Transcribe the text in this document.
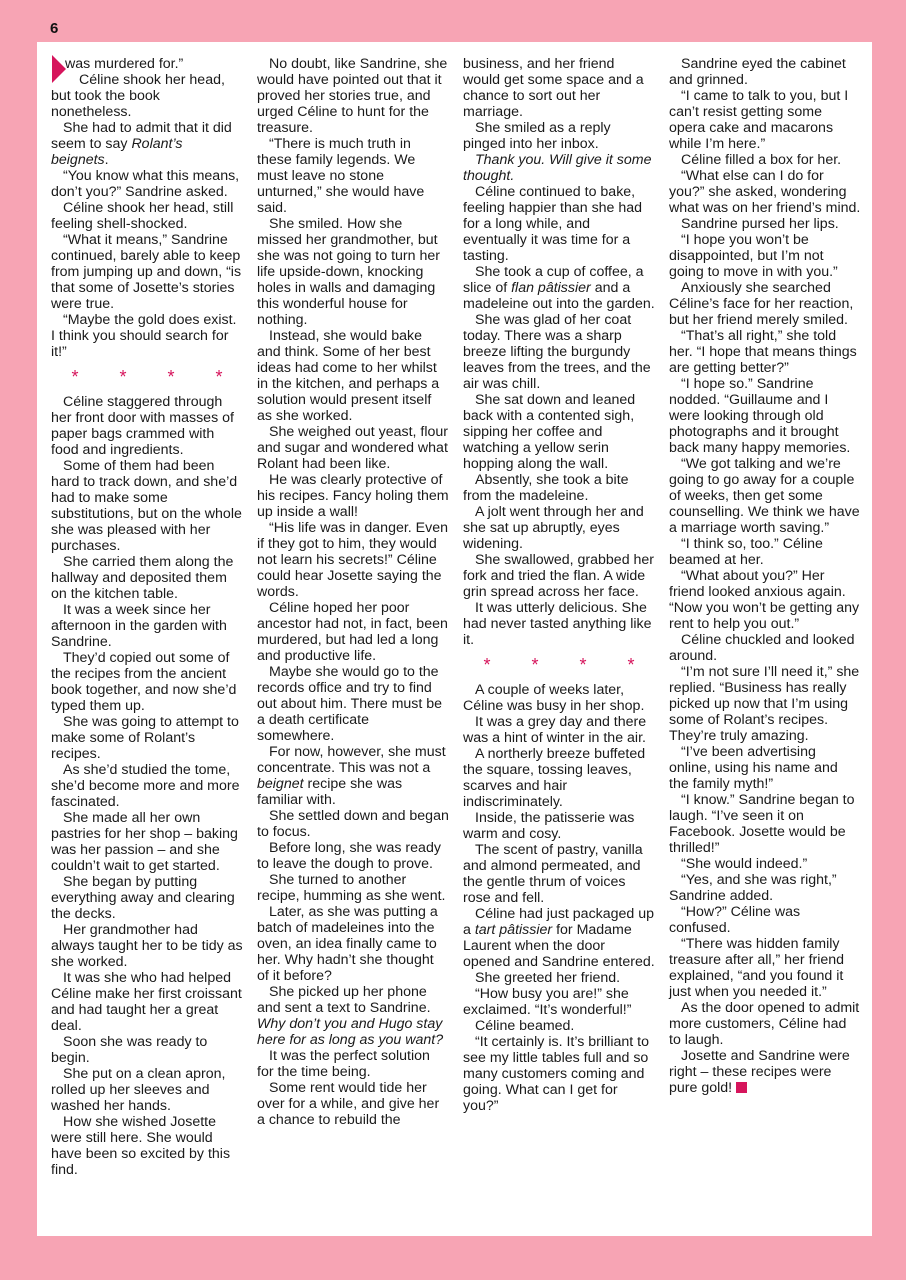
6

was murdered for.”

Céline shook her head, but took the book nonetheless.

She had to admit that it did seem to say Rolant’s beignets.

“You know what this means, don’t you?” Sandrine asked.

Céline shook her head, still feeling shell-shocked.

“What it means,” Sandrine continued, barely able to keep from jumping up and down, “is that some of Josette’s stories were true.

“Maybe the gold does exist. I think you should search for it!”

* * * *

Céline staggered through her front door with masses of paper bags crammed with food and ingredients.

Some of them had been hard to track down, and she’d had to make some substitutions, but on the whole she was pleased with her purchases.

She carried them along the hallway and deposited them on the kitchen table.

It was a week since her afternoon in the garden with Sandrine.

They’d copied out some of the recipes from the ancient book together, and now she’d typed them up.

She was going to attempt to make some of Rolant’s recipes.

As she’d studied the tome, she’d become more and more fascinated.

She made all her own pastries for her shop – baking was her passion – and she couldn’t wait to get started.

She began by putting everything away and clearing the decks.

Her grandmother had always taught her to be tidy as she worked.

It was she who had helped Céline make her first croissant and had taught her a great deal.

Soon she was ready to begin.

She put on a clean apron, rolled up her sleeves and washed her hands.

How she wished Josette were still here. She would have been so excited by this find.

No doubt, like Sandrine, she would have pointed out that it proved her stories true, and urged Céline to hunt for the treasure.

“There is much truth in these family legends. We must leave no stone unturned,” she would have said.

She smiled. How she missed her grandmother, but she was not going to turn her life upside-down, knocking holes in walls and damaging this wonderful house for nothing.

Instead, she would bake and think. Some of her best ideas had come to her whilst in the kitchen, and perhaps a solution would present itself as she worked.

She weighed out yeast, flour and sugar and wondered what Rolant had been like.

He was clearly protective of his recipes. Fancy holing them up inside a wall!

“His life was in danger. Even if they got to him, they would not learn his secrets!” Céline could hear Josette saying the words.

Céline hoped her poor ancestor had not, in fact, been murdered, but had led a long and productive life.

Maybe she would go to the records office and try to find out about him. There must be a death certificate somewhere.

For now, however, she must concentrate. This was not a beignet recipe she was familiar with.

She settled down and began to focus.

Before long, she was ready to leave the dough to prove.

She turned to another recipe, humming as she went.

Later, as she was putting a batch of madeleines into the oven, an idea finally came to her. Why hadn’t she thought of it before?

She picked up her phone and sent a text to Sandrine.

Why don’t you and Hugo stay here for as long as you want?

It was the perfect solution for the time being.

Some rent would tide her over for a while, and give her a chance to rebuild the

business, and her friend would get some space and a chance to sort out her marriage.

She smiled as a reply pinged into her inbox.

Thank you. Will give it some thought.

Céline continued to bake, feeling happier than she had for a long while, and eventually it was time for a tasting.

She took a cup of coffee, a slice of flan pâtissier and a madeleine out into the garden.

She was glad of her coat today. There was a sharp breeze lifting the burgundy leaves from the trees, and the air was chill.

She sat down and leaned back with a contented sigh, sipping her coffee and watching a yellow serin hopping along the wall.

Absently, she took a bite from the madeleine.

A jolt went through her and she sat up abruptly, eyes widening.

She swallowed, grabbed her fork and tried the flan. A wide grin spread across her face.

It was utterly delicious. She had never tasted anything like it.

* * * *

A couple of weeks later, Céline was busy in her shop.

It was a grey day and there was a hint of winter in the air.

A northerly breeze buffeted the square, tossing leaves, scarves and hair indiscriminately.

Inside, the patisserie was warm and cosy.

The scent of pastry, vanilla and almond permeated, and the gentle thrum of voices rose and fell.

Céline had just packaged up a tart pâtissier for Madame Laurent when the door opened and Sandrine entered.

She greeted her friend.

“How busy you are!” she exclaimed. “It’s wonderful!”

Céline beamed.

“It certainly is. It’s brilliant to see my little tables full and so many customers coming and going. What can I get for you?”

Sandrine eyed the cabinet and grinned.

“I came to talk to you, but I can’t resist getting some opera cake and macarons while I’m here.”

Céline filled a box for her.

“What else can I do for you?” she asked, wondering what was on her friend’s mind.

Sandrine pursed her lips.

“I hope you won’t be disappointed, but I’m not going to move in with you.”

Anxiously she searched Céline’s face for her reaction, but her friend merely smiled.

“That’s all right,” she told her. “I hope that means things are getting better?”

“I hope so.” Sandrine nodded. “Guillaume and I were looking through old photographs and it brought back many happy memories.

“We got talking and we’re going to go away for a couple of weeks, then get some counselling. We think we have a marriage worth saving.”

“I think so, too.” Céline beamed at her.

“What about you?” Her friend looked anxious again. “Now you won’t be getting any rent to help you out.”

Céline chuckled and looked around.

“I’m not sure I’ll need it,” she replied. “Business has really picked up now that I’m using some of Rolant’s recipes. They’re truly amazing.

“I’ve been advertising online, using his name and the family myth!”

“I know.” Sandrine began to laugh. “I’ve seen it on Facebook. Josette would be thrilled!”

“She would indeed.”

“Yes, and she was right,” Sandrine added.

“How?” Céline was confused.

“There was hidden family treasure after all,” her friend explained, “and you found it just when you needed it.”

As the door opened to admit more customers, Céline had to laugh.

Josette and Sandrine were right – these recipes were pure gold!
